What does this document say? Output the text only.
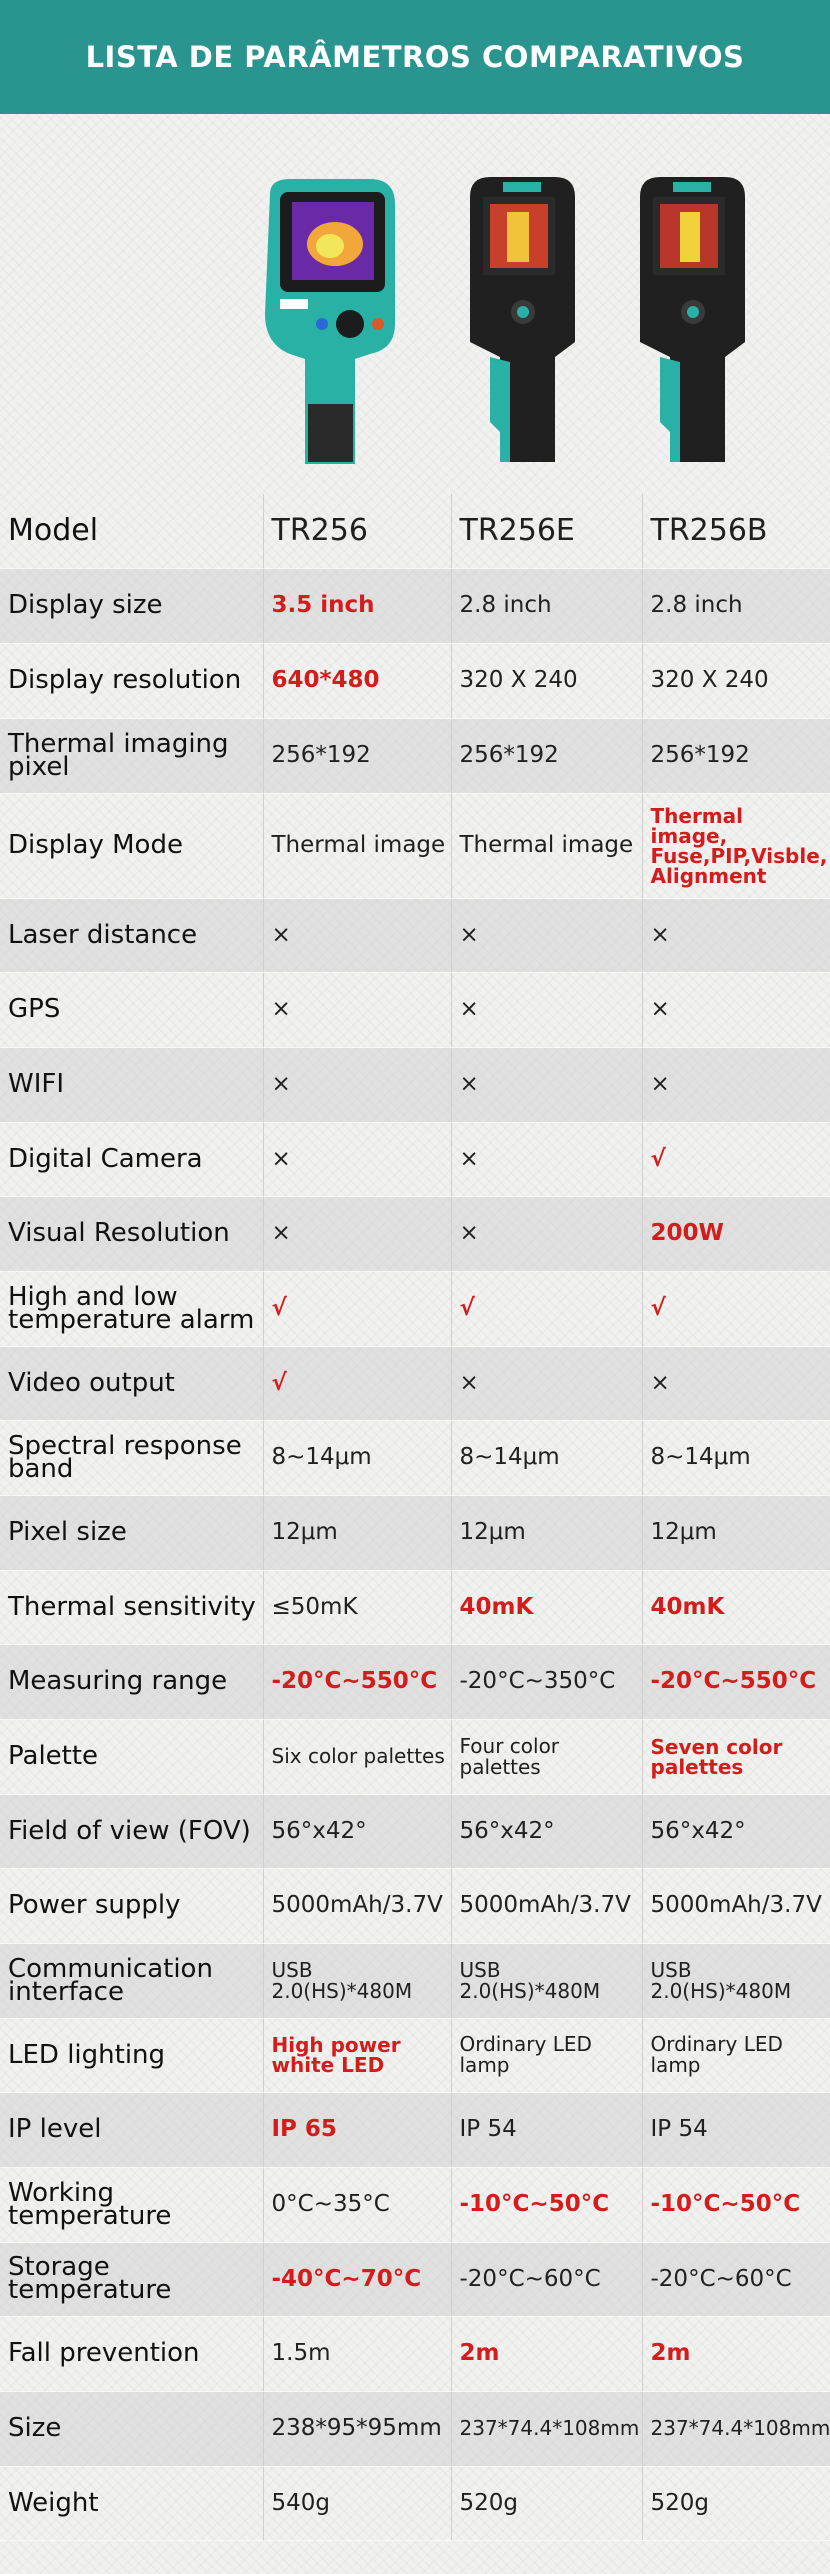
LISTA DE PARÂMETROS COMPARATIVOS
Model	TR256	TR256E	TR256B
Display size	3.5 inch	2.8 inch	2.8 inch
Display resolution	640*480	320 X 240	320 X 240
Thermal imaging pixel	256*192	256*192	256*192
Display Mode	Thermal image	Thermal image	Thermal image, Fuse,PIP,Visble, Alignment
Laser distance	×	×	×
GPS	×	×	×
WIFI	×	×	×
Digital Camera	×	×	√
Visual Resolution	×	×	200W
High and low temperature alarm	√	√	√
Video output	√	×	×
Spectral response band	8~14μm	8~14μm	8~14μm
Pixel size	12μm	12μm	12μm
Thermal sensitivity	≤50mK	40mK	40mK
Measuring range	-20°C~550°C	-20°C~350°C	-20°C~550°C
Palette	Six color palettes	Four color palettes	Seven color palettes
Field of view (FOV)	56°x42°	56°x42°	56°x42°
Power supply	5000mAh/3.7V	5000mAh/3.7V	5000mAh/3.7V
Communication interface	USB 2.0(HS)*480M	USB 2.0(HS)*480M	USB 2.0(HS)*480M
LED lighting	High power white LED	Ordinary LED lamp	Ordinary LED lamp
IP level	IP 65	IP 54	IP 54
Working temperature	0°C~35°C	-10°C~50°C	-10°C~50°C
Storage temperature	-40°C~70°C	-20°C~60°C	-20°C~60°C
Fall prevention	1.5m	2m	2m
Size	238*95*95mm	237*74.4*108mm	237*74.4*108mm
Weight	540g	520g	520g
